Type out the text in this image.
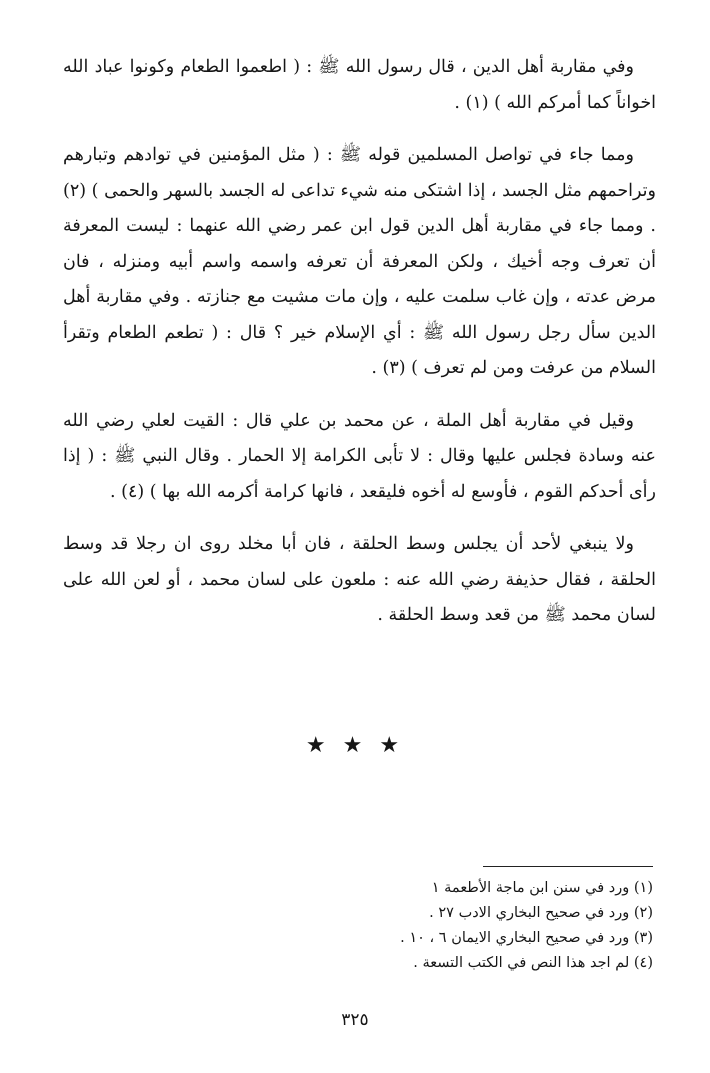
وفي مقاربة أهل الدين ، قال رسول الله ﷺ : ( اطعموا الطعام وكونوا عباد الله اخواناً كما أمركم الله ) (١) .

ومما جاء في تواصل المسلمين قوله ﷺ : ( مثل المؤمنين في توادهم وتبارهم وتراحمهم مثل الجسد ، إذا اشتكى منه شيء تداعى له الجسد بالسهر والحمى ) (٢) . ومما جاء في مقاربة أهل الدين قول ابن عمر رضي الله عنهما : ليست المعرفة أن تعرف وجه أخيك ، ولكن المعرفة أن تعرفه واسمه واسم أبيه ومنزله ، فان مرض عدته ، وإن غاب سلمت عليه ، وإن مات مشيت مع جنازته . وفي مقاربة أهل الدين سأل رجل رسول الله ﷺ : أي الإسلام خير ؟ قال : ( تطعم الطعام وتقرأ السلام من عرفت ومن لم تعرف ) (٣) .

وقيل في مقاربة أهل الملة ، عن محمد بن علي قال : القيت لعلي رضي الله عنه وسادة فجلس عليها وقال : لا تأبى الكرامة إلا الحمار . وقال النبي ﷺ : ( إذا رأى أحدكم القوم ، فأوسع له أخوه فليقعد ، فانها كرامة أكرمه الله بها ) (٤) .

ولا ينبغي لأحد أن يجلس وسط الحلقة ، فان أبا مخلد روى ان رجلا قد وسط الحلقة ، فقال حذيفة رضي الله عنه : ملعون على لسان محمد ، أو لعن الله على لسان محمد ﷺ من قعد وسط الحلقة .

★ ★ ★
(١) ورد في سنن ابن ماجة الأطعمة ١
(٢) ورد في صحيح البخاري الادب ٢٧ .
(٣) ورد في صحيح البخاري الايمان ٦ ، ١٠ .
(٤) لم اجد هذا النص في الكتب التسعة .
٣٢٥
